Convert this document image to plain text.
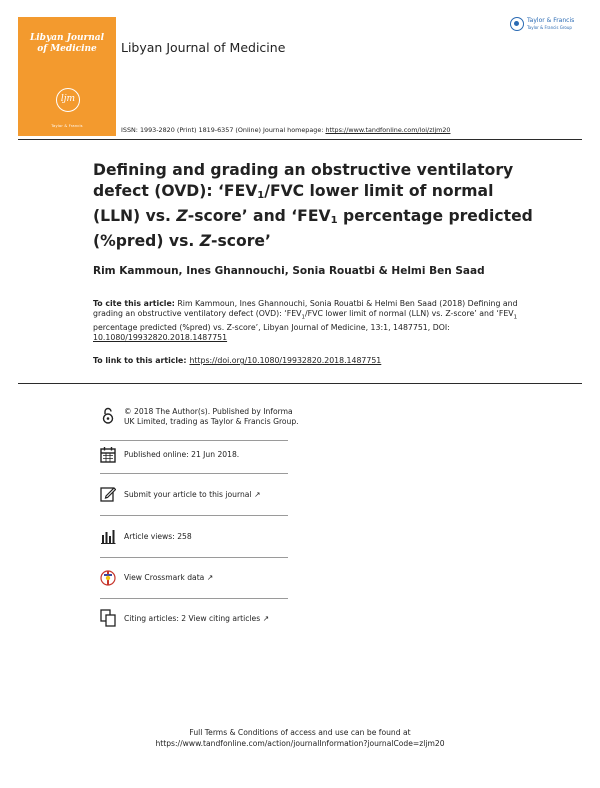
Libyan Journal
of Medicine
ljm
Taylor & Francis
Libyan Journal of Medicine
Taylor & Francis
Taylor & Francis Group
ISSN: 1993-2820 (Print) 1819-6357 (Online) Journal homepage: https://www.tandfonline.com/loi/zljm20
Defining and grading an obstructive ventilatory defect (OVD): ‘$FEV_1$/FVC lower limit of normal (LLN) vs. Z-score’ and ‘$FEV_1$ percentage predicted (%pred) vs. Z-score’
Rim Kammoun, Ines Ghannouchi, Sonia Rouatbi & Helmi Ben Saad
To cite this article: Rim Kammoun, Ines Ghannouchi, Sonia Rouatbi & Helmi Ben Saad (2018) Defining and grading an obstructive ventilatory defect (OVD): ‘$FEV_1$/FVC lower limit of normal (LLN) vs. Z-score’ and ‘$FEV_1$ percentage predicted (%pred) vs. Z-score’, Libyan Journal of Medicine, 13:1, 1487751, DOI: 10.1080/19932820.2018.1487751
To link to this article: https://doi.org/10.1080/19932820.2018.1487751
© 2018 The Author(s). Published by Informa UK Limited, trading as Taylor & Francis Group.
Published online: 21 Jun 2018.
Submit your article to this journal ↗
Article views: 258
View Crossmark data ↗
Citing articles: 2 View citing articles ↗
Full Terms & Conditions of access and use can be found at
https://www.tandfonline.com/action/journalInformation?journalCode=zljm20
